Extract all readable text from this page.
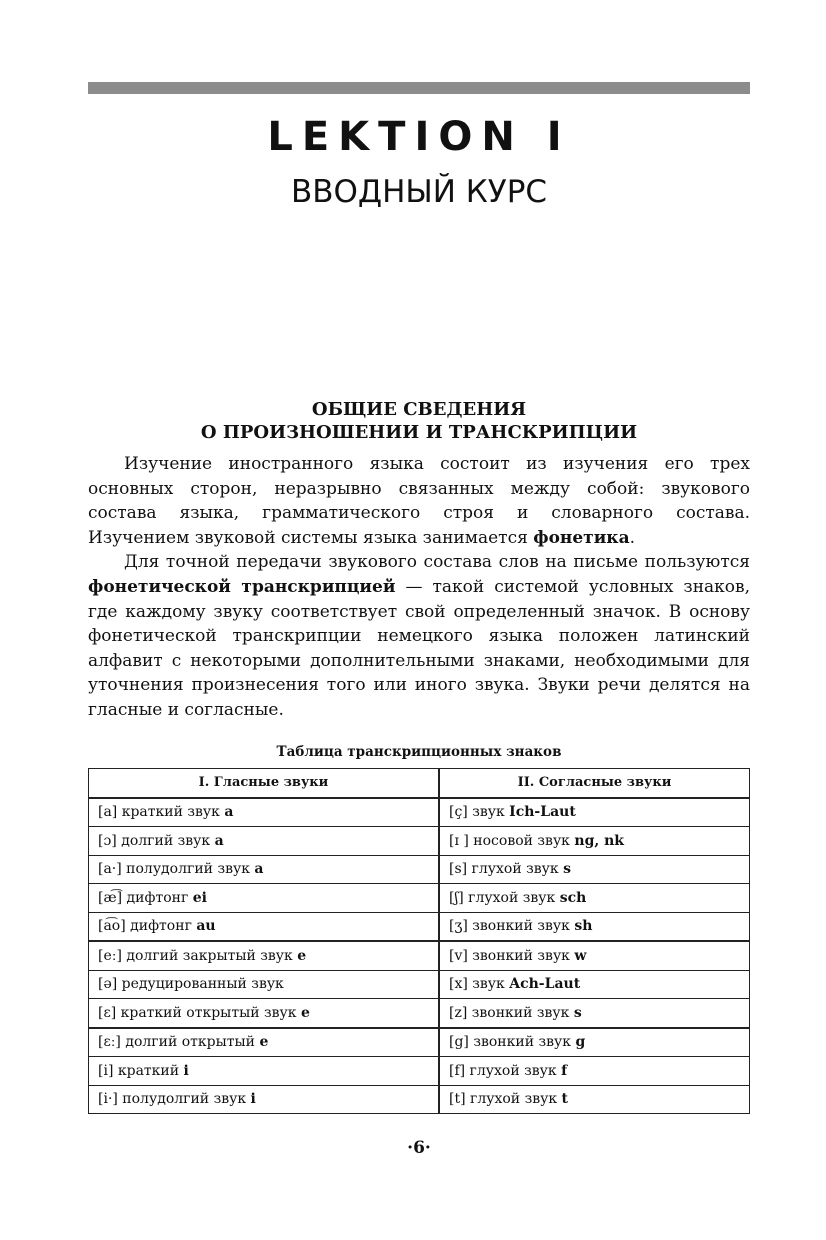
LEKTION I
ВВОДНЫЙ КУРС
ОБЩИЕ СВЕДЕНИЯ
О ПРОИЗНОШЕНИИ И ТРАНСКРИПЦИИ

Изучение иностранного языка состоит из изучения его трех основных сторон, неразрывно связанных между собой: звукового состава языка, грамматического строя и словарного состава. Изучением звуковой системы языка занимается фонетика.

Для точной передачи звукового состава слов на письме пользуются фонетической транскрипцией — такой системой условных знаков, где каждому звуку соответствует свой определенный значок. В основу фонетической транскрипции немецкого языка положен латинский алфавит с некоторыми дополнительными знаками, необходимыми для уточнения произнесения того или иного звука. Звуки речи делятся на гласные и согласные.

Таблица транскрипционных знаков
I. Гласные звуки	II. Согласные звуки
[a] краткий звук a	[ç] звук Ich-Laut
[ɔ] долгий звук a	[ɪ ] носовой звук ng, nk
[a·] полудолгий звук a	[s] глухой звук s
[æ͡] дифтонг ei	[ʃ] глухой звук sch
[a͡o] дифтонг au	[ʒ] звонкий звук sh
[eː] долгий закрытый звук e	[v] звонкий звук w
[ə] редуцированный звук	[x] звук Ach-Laut
[ɛ] краткий открытый звук e	[z] звонкий звук s
[ɛː] долгий открытый e	[g] звонкий звук g
[i] краткий i	[f] глухой звук f
[i·] полудолгий звук i	[t] глухой звук t
·6·
